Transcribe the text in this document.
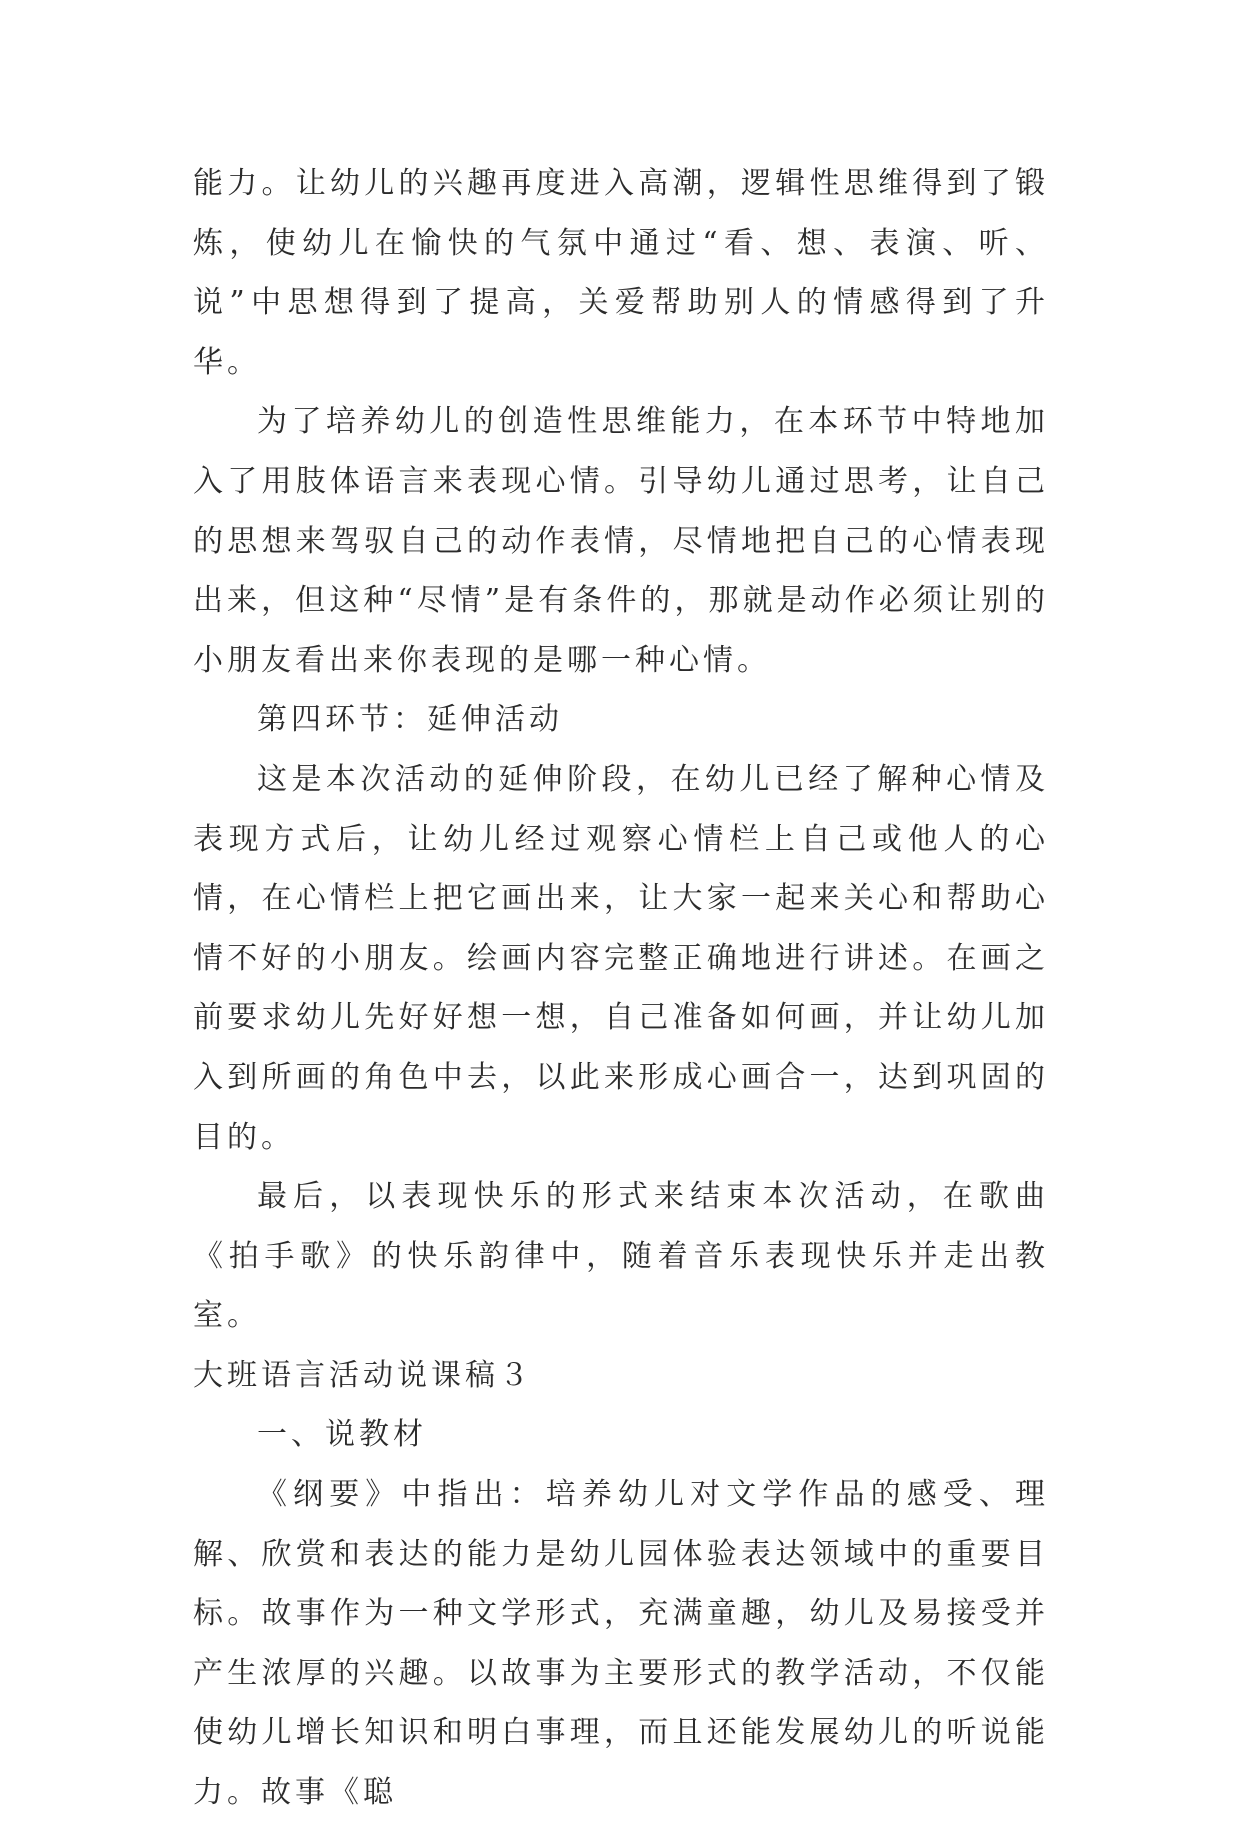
能力。让幼儿的兴趣再度进入高潮，逻辑性思维得到了锻炼，使幼儿在愉快的气氛中通过“看、想、表演、听、说”中思想得到了提高，关爱帮助别人的情感得到了升华。

为了培养幼儿的创造性思维能力，在本环节中特地加入了用肢体语言来表现心情。引导幼儿通过思考，让自己的思想来驾驭自己的动作表情，尽情地把自己的心情表现出来，但这种“尽情”是有条件的，那就是动作必须让别的小朋友看出来你表现的是哪一种心情。

第四环节：延伸活动

这是本次活动的延伸阶段，在幼儿已经了解种心情及表现方式后，让幼儿经过观察心情栏上自己或他人的心情，在心情栏上把它画出来，让大家一起来关心和帮助心情不好的小朋友。绘画内容完整正确地进行讲述。在画之前要求幼儿先好好想一想，自己准备如何画，并让幼儿加入到所画的角色中去，以此来形成心画合一，达到巩固的目的。

最后，以表现快乐的形式来结束本次活动，在歌曲《拍手歌》的快乐韵律中，随着音乐表现快乐并走出教室。

大班语言活动说课稿３

一、说教材

《纲要》中指出：培养幼儿对文学作品的感受、理解、欣赏和表达的能力是幼儿园体验表达领域中的重要目标。故事作为一种文学形式，充满童趣，幼儿及易接受并产生浓厚的兴趣。以故事为主要形式的教学活动，不仅能使幼儿增长知识和明白事理，而且还能发展幼儿的听说能力。故事《聪
